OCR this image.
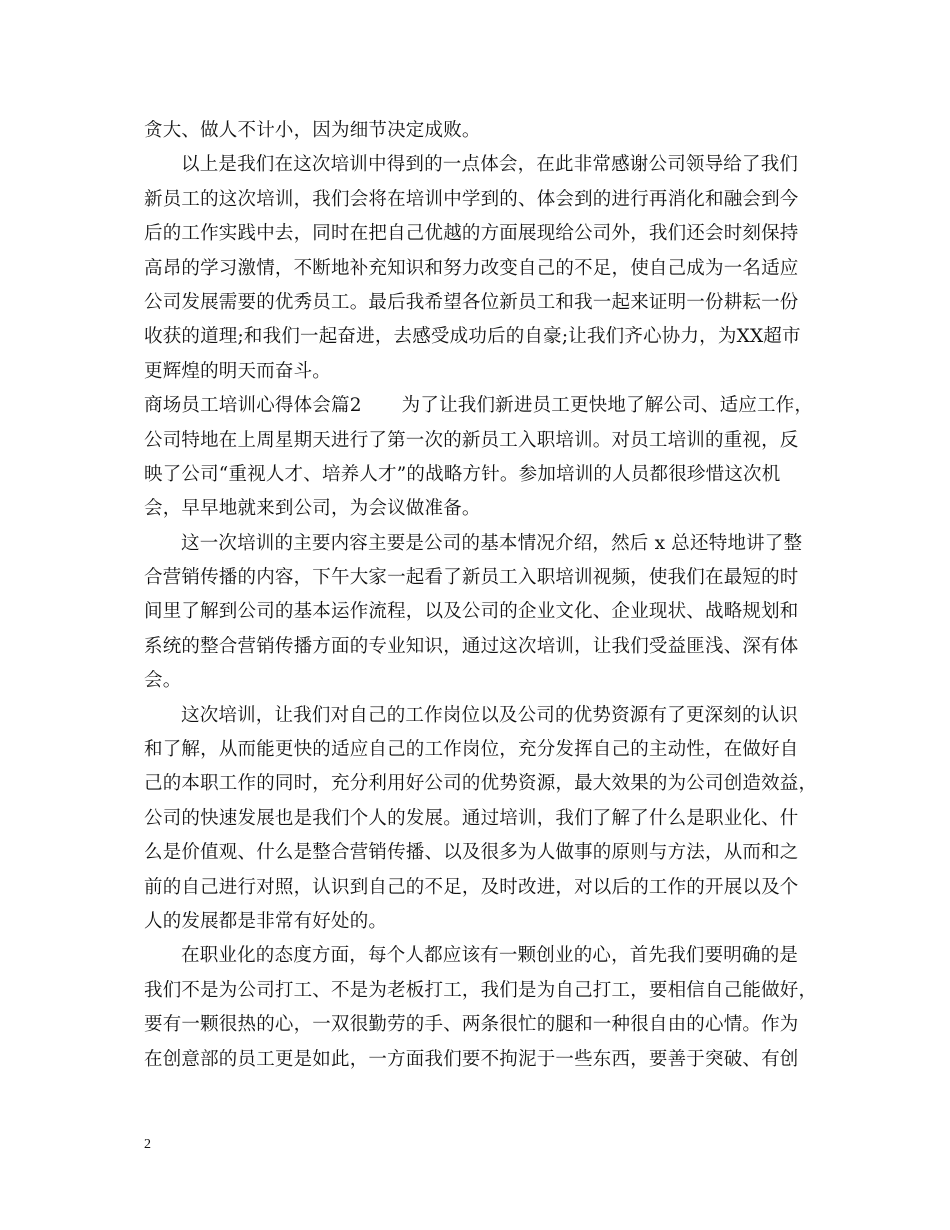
贪大、做人不计小，因为细节决定成败。
以上是我们在这次培训中得到的一点体会，在此非常感谢公司领导给了我们
新员工的这次培训，我们会将在培训中学到的、体会到的进行再消化和融会到今
后的工作实践中去，同时在把自己优越的方面展现给公司外，我们还会时刻保持
高昂的学习激情，不断地补充知识和努力改变自己的不足，使自己成为一名适应
公司发展需要的优秀员工。最后我希望各位新员工和我一起来证明一份耕耘一份
收获的道理;和我们一起奋进，去感受成功后的自豪;让我们齐心协力，为XX超市
更辉煌的明天而奋斗。
商场员工培训心得体会篇2 为了让我们新进员工更快地了解公司、适应工作，
公司特地在上周星期天进行了第一次的新员工入职培训。对员工培训的重视，反
映了公司“重视人才、培养人才”的战略方针。参加培训的人员都很珍惜这次机
会，早早地就来到公司，为会议做准备。
这一次培训的主要内容主要是公司的基本情况介绍，然后 x 总还特地讲了整
合营销传播的内容，下午大家一起看了新员工入职培训视频，使我们在最短的时
间里了解到公司的基本运作流程，以及公司的企业文化、企业现状、战略规划和
系统的整合营销传播方面的专业知识，通过这次培训，让我们受益匪浅、深有体
会。
这次培训，让我们对自己的工作岗位以及公司的优势资源有了更深刻的认识
和了解，从而能更快的适应自己的工作岗位，充分发挥自己的主动性，在做好自
己的本职工作的同时，充分利用好公司的优势资源，最大效果的为公司创造效益，
公司的快速发展也是我们个人的发展。通过培训，我们了解了什么是职业化、什
么是价值观、什么是整合营销传播、以及很多为人做事的原则与方法，从而和之
前的自己进行对照，认识到自己的不足，及时改进，对以后的工作的开展以及个
人的发展都是非常有好处的。
在职业化的态度方面，每个人都应该有一颗创业的心，首先我们要明确的是
我们不是为公司打工、不是为老板打工，我们是为自己打工，要相信自己能做好，
要有一颗很热的心，一双很勤劳的手、两条很忙的腿和一种很自由的心情。作为
在创意部的员工更是如此，一方面我们要不拘泥于一些东西，要善于突破、有创
2
